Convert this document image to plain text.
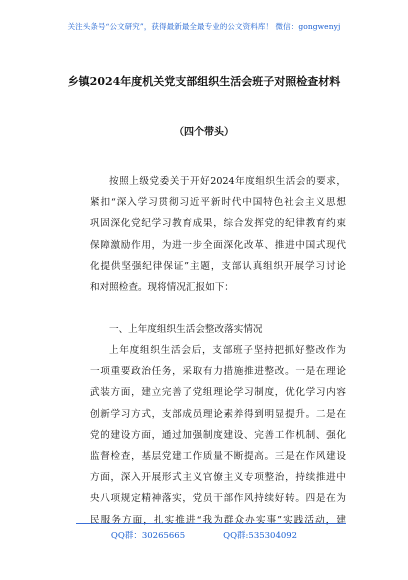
关注头条号“公文研究”，获得最新最全最专业的公文资料库！ 微信：gongwenyj
乡镇2024年度机关党支部组织生活会班子对照检查材料
（四个带头）
按照上级党委关于开好2024年度组织生活会的要求，
紧扣“深入学习贯彻习近平新时代中国特色社会主义思想
巩固深化党纪学习教育成果，综合发挥党的纪律教育约束
保障激励作用，为进一步全面深化改革、推进中国式现代
化提供坚强纪律保证”主题，支部认真组织开展学习讨论
和对照检查。现将情况汇报如下：
一、上年度组织生活会整改落实情况
上年度组织生活会后，支部班子坚持把抓好整改作为
一项重要政治任务，采取有力措施推进整改。一是在理论
武装方面，建立完善了党组理论学习制度，优化学习内容
创新学习方式，支部成员理论素养得到明显提升。二是在
党的建设方面，通过加强制度建设、完善工作机制、强化
监督检查，基层党建工作质量不断提高。三是在作风建设
方面，深入开展形式主义官僚主义专项整治，持续推进中
央八项规定精神落实，党员干部作风持续好转。四是在为
民服务方面，扎实推进“我为群众办实事”实践活动，建
QQ群：30265665	QQ群:535304092
